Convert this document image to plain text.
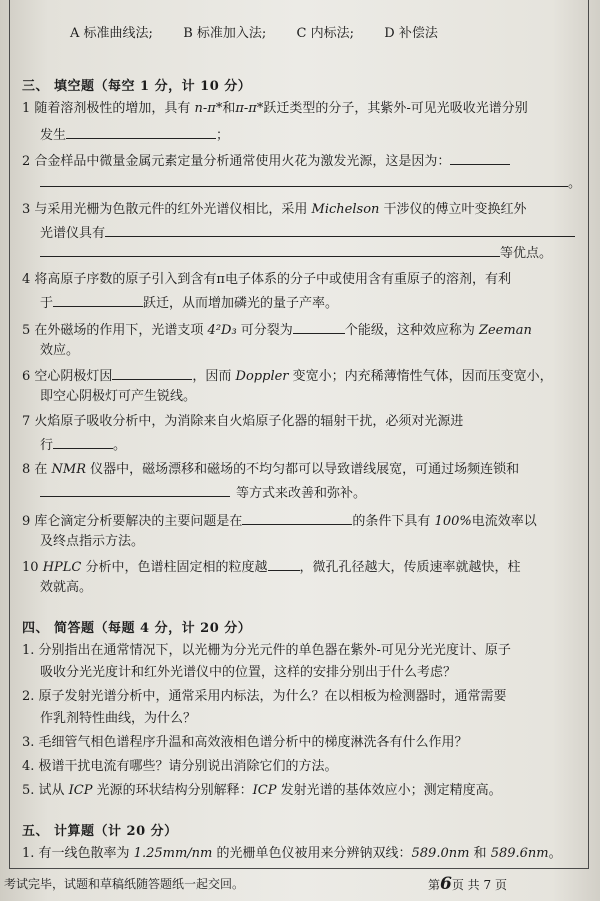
A 标准曲线法; B 标准加入法; C 内标法; D 补偿法
三、 填空题（每空 1 分，计 10 分）
1 随着溶剂极性的增加，具有 n-π*和π-π*跃迁类型的分子，其紫外-可见光吸收光谱分别
发生	；
2 合金样品中微量金属元素定量分析通常使用火花为激发光源，这是因为：
。
3 与采用光栅为色散元件的红外光谱仪相比，采用 Michelson 干涉仪的傅立叶变换红外
光谱仪具有
等优点。
4 将高原子序数的原子引入到含有π电子体系的分子中或使用含有重原子的溶剂，有利
于	跃迁，从而增加磷光的量子产率。
5 在外磁场的作用下，光谱支项 4²D₃ 可分裂为	个能级，这种效应称为 Zeeman
效应。
6 空心阴极灯因	，因而 Doppler 变宽小；内充稀薄惰性气体，因而压变宽小，
即空心阴极灯可产生锐线。
7 火焰原子吸收分析中，为消除来自火焰原子化器的辐射干扰，必须对光源进
行	。
8 在 NMR 仪器中，磁场漂移和磁场的不均匀都可以导致谱线展宽，可通过场频连锁和
等方式来改善和弥补。
9 库仑滴定分析要解决的主要问题是在	的条件下具有 100%电流效率以
及终点指示方法。
10 HPLC 分析中，色谱柱固定相的粒度越 ，微孔孔径越大，传质速率就越快，柱
效就高。
四、 简答题（每题 4 分，计 20 分）
1. 分别指出在通常情况下，以光栅为分光元件的单色器在紫外-可见分光光度计、原子
吸收分光光度计和红外光谱仪中的位置，这样的安排分别出于什么考虑？
2. 原子发射光谱分析中，通常采用内标法，为什么？在以相板为检测器时，通常需要
作乳剂特性曲线，为什么？
3. 毛细管气相色谱程序升温和高效液相色谱分析中的梯度淋洗各有什么作用？
4. 极谱干扰电流有哪些？请分别说出消除它们的方法。
5. 试从 ICP 光源的环状结构分别解释：ICP 发射光谱的基体效应小；测定精度高。
五、 计算题（计 20 分）
1. 有一线色散率为 1.25mm/nm 的光栅单色仪被用来分辨钠双线：589.0nm 和 589.6nm。
考试完毕，试题和草稿纸随答题纸一起交回。	第6页 共 7 页
